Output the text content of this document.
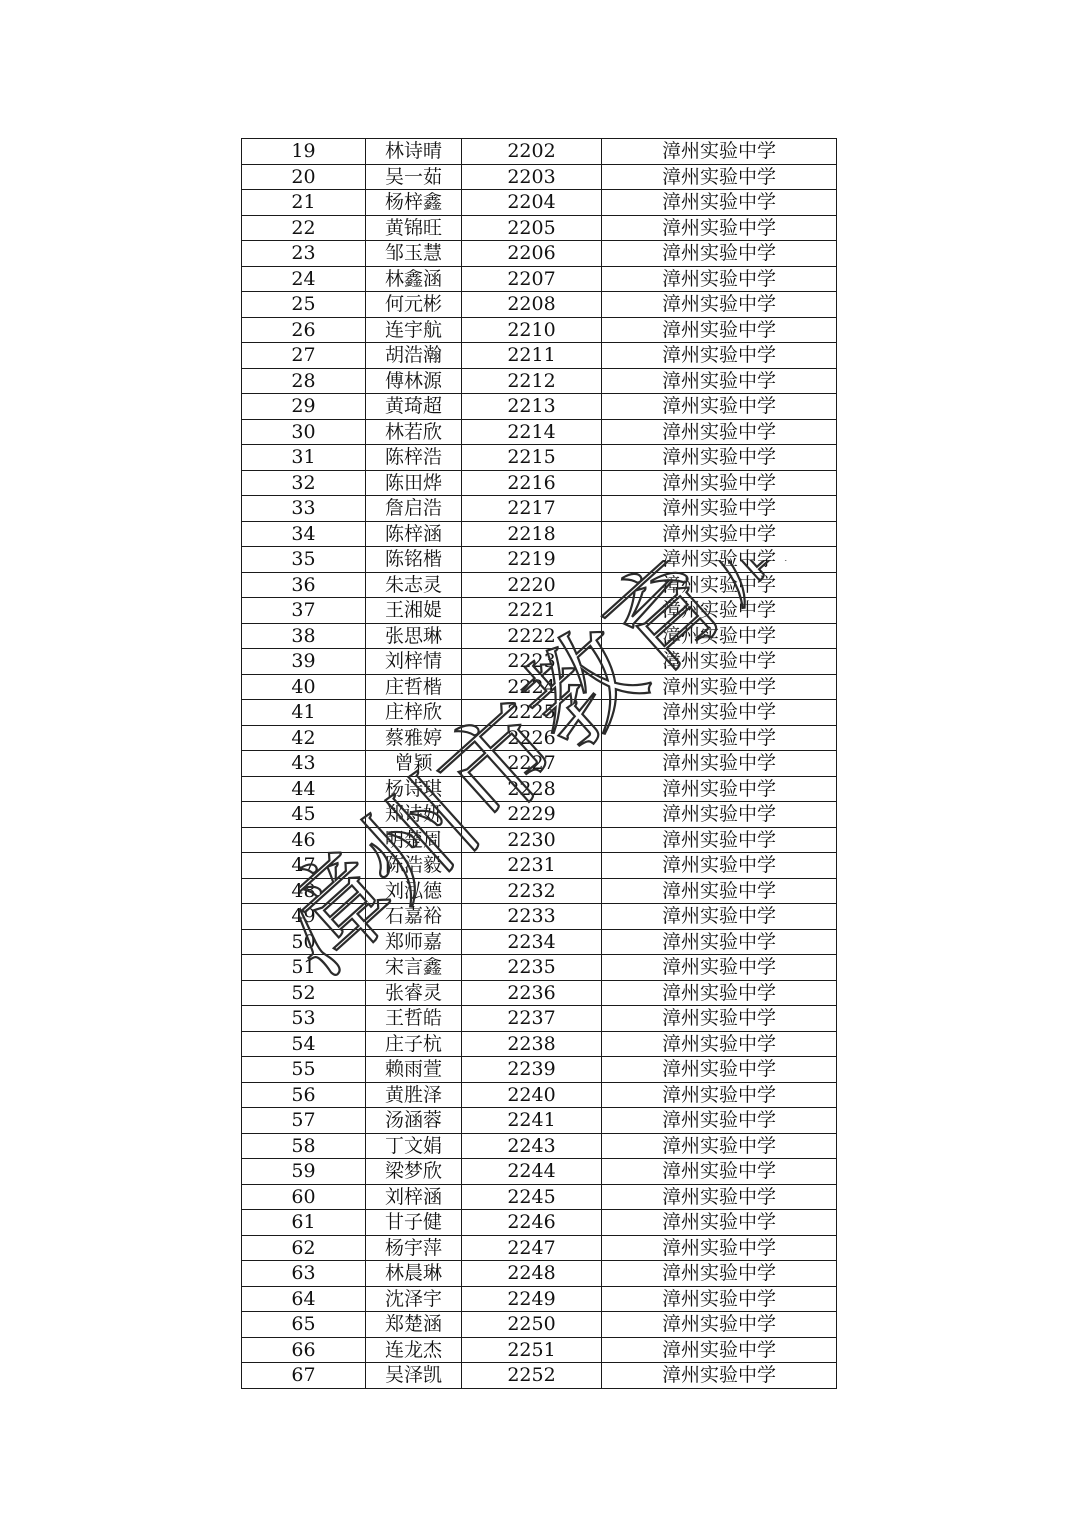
19	林诗晴	2202	漳州实验中学
20	吴一茹	2203	漳州实验中学
21	杨梓鑫	2204	漳州实验中学
22	黄锦旺	2205	漳州实验中学
23	邹玉慧	2206	漳州实验中学
24	林鑫涵	2207	漳州实验中学
25	何元彬	2208	漳州实验中学
26	连宇航	2210	漳州实验中学
27	胡浩瀚	2211	漳州实验中学
28	傅林源	2212	漳州实验中学
29	黄琦超	2213	漳州实验中学
30	林若欣	2214	漳州实验中学
31	陈梓浩	2215	漳州实验中学
32	陈田烨	2216	漳州实验中学
33	詹启浩	2217	漳州实验中学
34	陈梓涵	2218	漳州实验中学
35	陈铭楷	2219	漳州实验中学
36	朱志灵	2220	漳州实验中学
37	王湘媞	2221	漳州实验中学
38	张思琳	2222	漳州实验中学
39	刘梓情	2223	漳州实验中学
40	庄哲楷	2224	漳州实验中学
41	庄梓欣	2225	漳州实验中学
42	蔡雅婷	2226	漳州实验中学
43	曾颖	2227	漳州实验中学
44	杨诗琪	2228	漳州实验中学
45	郑诗妍	2229	漳州实验中学
46	明楚周	2230	漳州实验中学
47	陈浩毅	2231	漳州实验中学
48	刘泓德	2232	漳州实验中学
49	石嘉裕	2233	漳州实验中学
50	郑师嘉	2234	漳州实验中学
51	宋言鑫	2235	漳州实验中学
52	张睿灵	2236	漳州实验中学
53	王哲皓	2237	漳州实验中学
54	庄子杭	2238	漳州实验中学
55	赖雨萱	2239	漳州实验中学
56	黄胜泽	2240	漳州实验中学
57	汤涵蓉	2241	漳州实验中学
58	丁文娟	2243	漳州实验中学
59	梁梦欣	2244	漳州实验中学
60	刘梓涵	2245	漳州实验中学
61	甘子健	2246	漳州实验中学
62	杨宇萍	2247	漳州实验中学
63	林晨琳	2248	漳州实验中学
64	沈泽宇	2249	漳州实验中学
65	郑楚涵	2250	漳州实验中学
66	连龙杰	2251	漳州实验中学
67	吴泽凯	2252	漳州实验中学
漳州市教育局
